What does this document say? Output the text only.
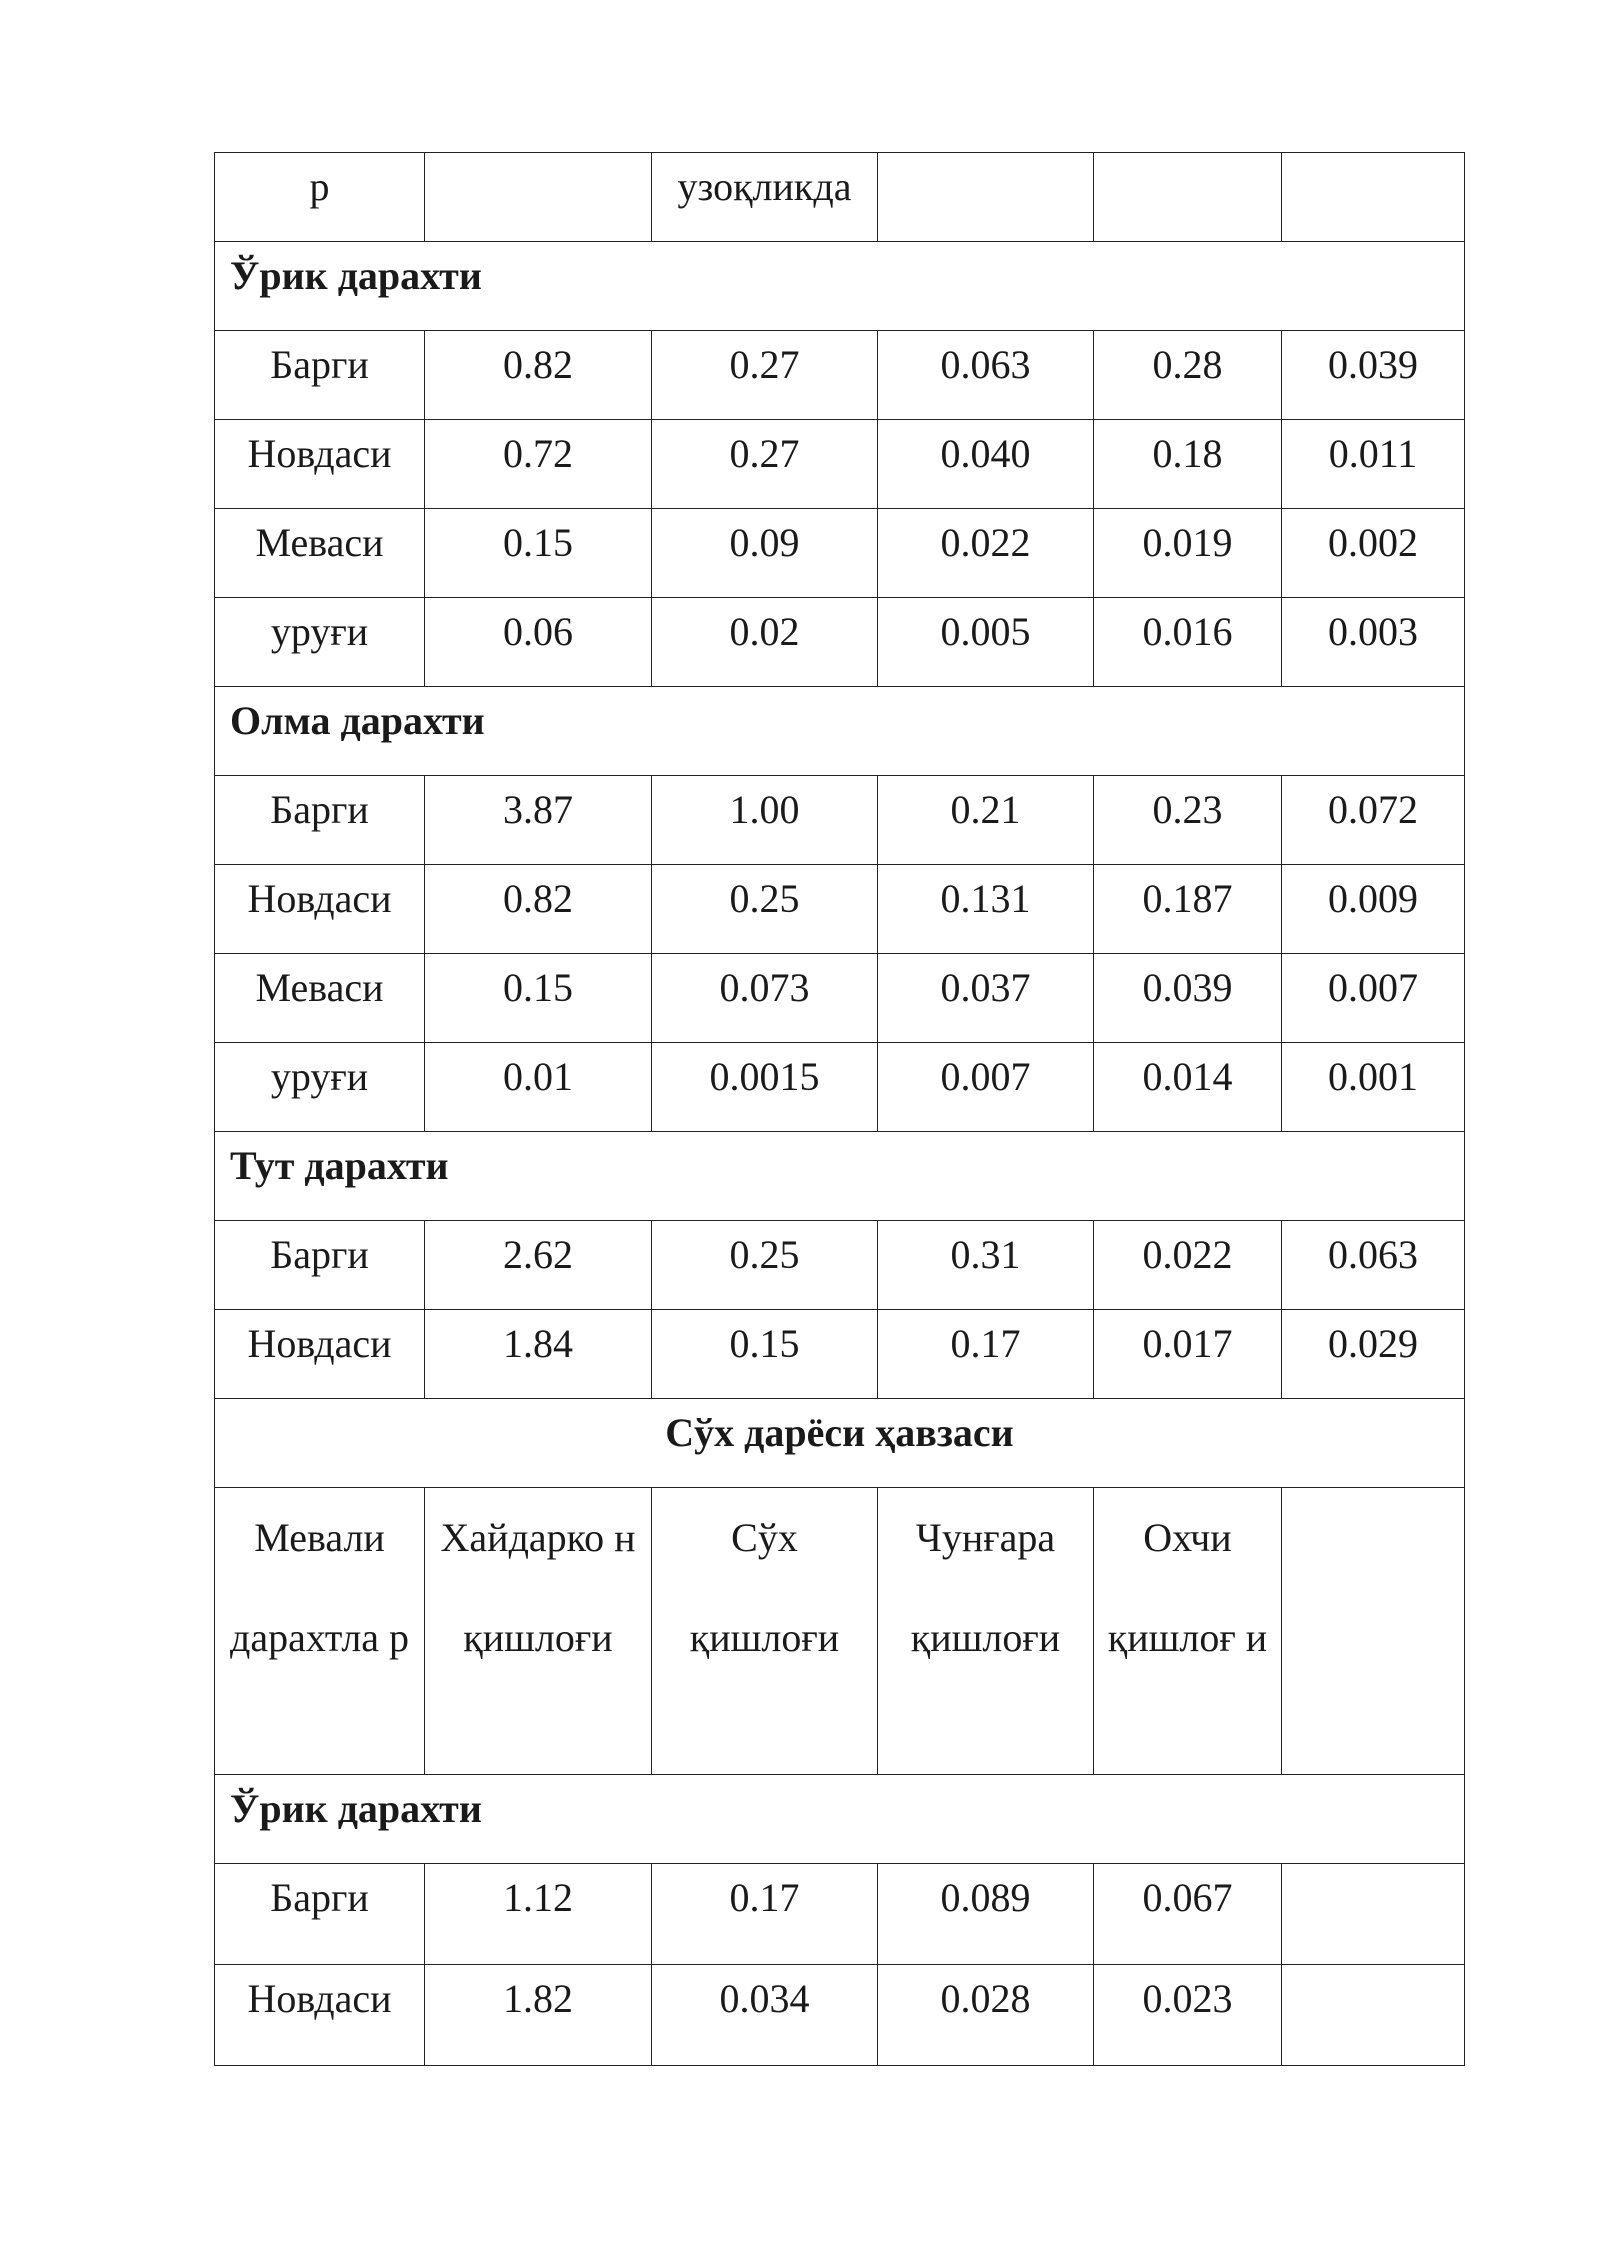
р		узоқликда			

Ўрик дарахти					

Барги	0.82	0.27	0.063	0.28	0.039

Новдаси	0.72	0.27	0.040	0.18	0.011

Меваси	0.15	0.09	0.022	0.019	0.002

уруғи	0.06	0.02	0.005	0.016	0.003

Олма дарахти					

Барги	3.87	1.00	0.21	0.23	0.072

Новдаси	0.82	0.25	0.131	0.187	0.009

Меваси	0.15	0.073	0.037	0.039	0.007

уруғи	0.01	0.0015	0.007	0.014	0.001

Тут дарахти					

Барги	2.62	0.25	0.31	0.022	0.063

Новдаси	1.84	0.15	0.17	0.017	0.029

Сўх дарёси ҳавзаси					

Мевали дарахтла р	Хайдарко н қишлоғи	Сўх қишлоғи	Чунғара қишлоғи	Охчи қишлоғ и	

Ўрик дарахти					

Барги	1.12	0.17	0.089	0.067	

Новдаси	1.82	0.034	0.028	0.023	
